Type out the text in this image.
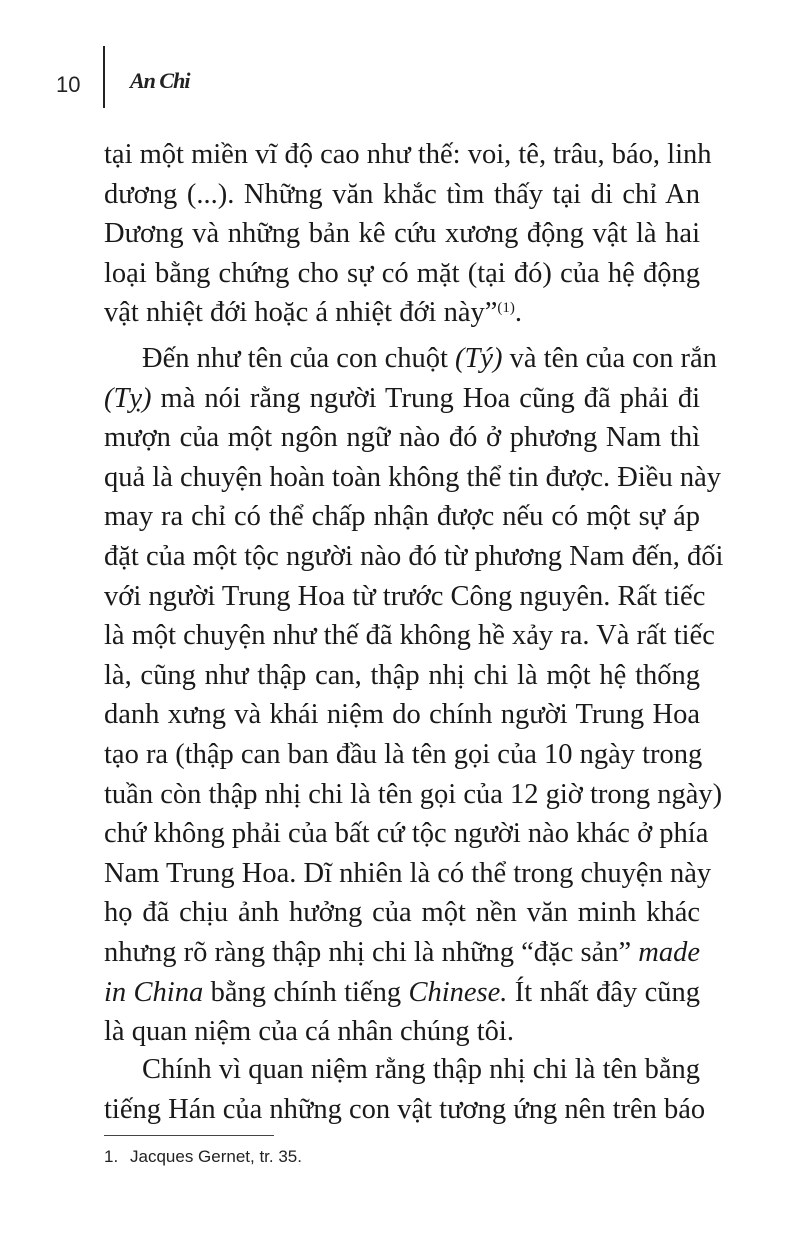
10 An Chi
tại một miền vĩ độ cao như thế: voi, tê, trâu, báo, linh
dương (...). Những văn khắc tìm thấy tại di chỉ An
Dương và những bản kê cứu xương động vật là hai
loại bằng chứng cho sự có mặt (tại đó) của hệ động
vật nhiệt đới hoặc á nhiệt đới này”$^{(1)}$.
Đến như tên của con chuột (Tý) và tên của con rắn
(Tỵ) mà nói rằng người Trung Hoa cũng đã phải đi
mượn của một ngôn ngữ nào đó ở phương Nam thì
quả là chuyện hoàn toàn không thể tin được. Điều này
may ra chỉ có thể chấp nhận được nếu có một sự áp
đặt của một tộc người nào đó từ phương Nam đến, đối
với người Trung Hoa từ trước Công nguyên. Rất tiếc
là một chuyện như thế đã không hề xảy ra. Và rất tiếc
là, cũng như thập can, thập nhị chi là một hệ thống
danh xưng và khái niệm do chính người Trung Hoa
tạo ra (thập can ban đầu là tên gọi của 10 ngày trong
tuần còn thập nhị chi là tên gọi của 12 giờ trong ngày)
chứ không phải của bất cứ tộc người nào khác ở phía
Nam Trung Hoa. Dĩ nhiên là có thể trong chuyện này
họ đã chịu ảnh hưởng của một nền văn minh khác
nhưng rõ ràng thập nhị chi là những “đặc sản” made
in China bằng chính tiếng Chinese. Ít nhất đây cũng
là quan niệm của cá nhân chúng tôi.
Chính vì quan niệm rằng thập nhị chi là tên bằng
tiếng Hán của những con vật tương ứng nên trên báo
1. Jacques Gernet, tr. 35.
